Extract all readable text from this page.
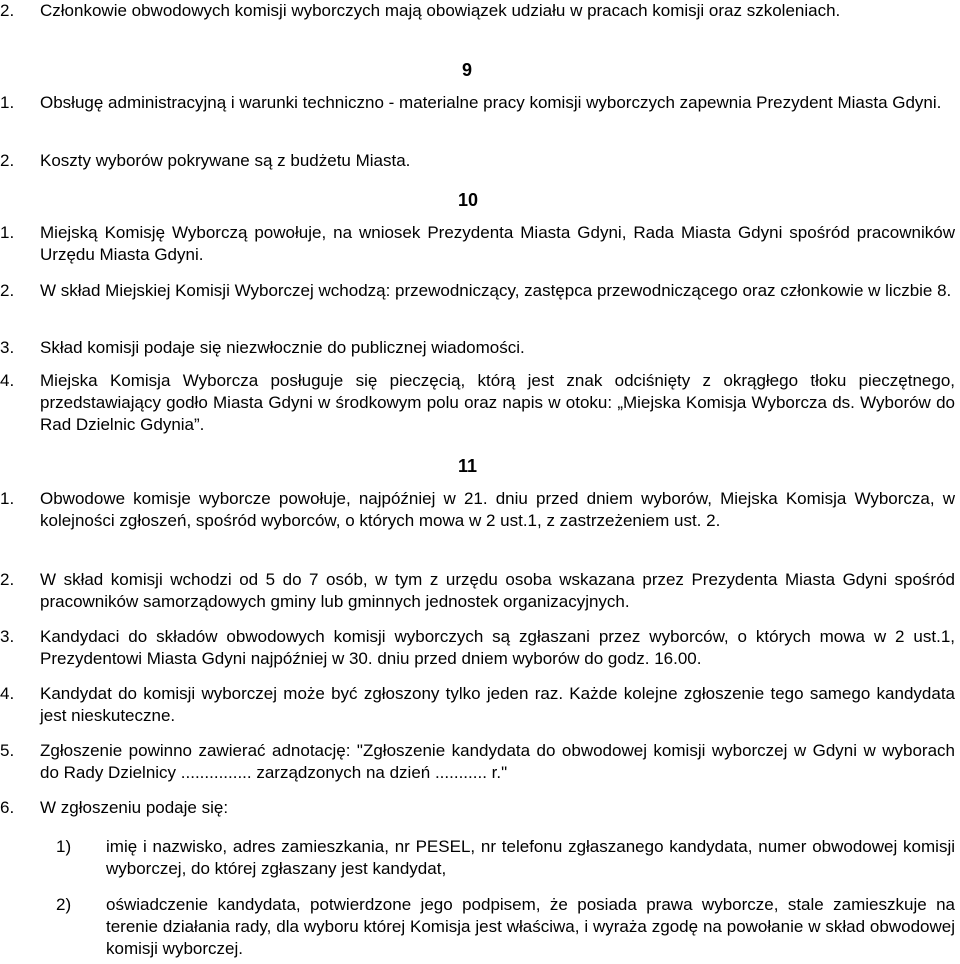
2. Członkowie obwodowych komisji wyborczych mają obowiązek udziału w pracach komisji oraz szkoleniach.
9
1. Obsługę administracyjną i warunki techniczno - materialne pracy komisji wyborczych zapewnia Prezydent Miasta Gdyni.
2. Koszty wyborów pokrywane są z budżetu Miasta.
10
1. Miejską Komisję Wyborczą powołuje, na wniosek Prezydenta Miasta Gdyni, Rada Miasta Gdyni spośród pracowników Urzędu Miasta Gdyni.
2. W skład Miejskiej Komisji Wyborczej wchodzą: przewodniczący, zastępca przewodniczącego oraz członkowie w liczbie 8.
3. Skład komisji podaje się niezwłocznie do publicznej wiadomości.
4. Miejska Komisja Wyborcza posługuje się pieczęcią, którą jest znak odciśnięty z okrągłego tłoku pieczętnego, przedstawiający godło Miasta Gdyni w środkowym polu oraz napis w otoku: „Miejska Komisja Wyborcza ds. Wyborów do Rad Dzielnic Gdynia”.
11
1. Obwodowe komisje wyborcze powołuje, najpóźniej w 21. dniu przed dniem wyborów, Miejska Komisja Wyborcza, w kolejności zgłoszeń, spośród wyborców, o których mowa w 2 ust.1, z zastrzeżeniem ust. 2.
2. W skład komisji wchodzi od 5 do 7 osób, w tym z urzędu osoba wskazana przez Prezydenta Miasta Gdyni spośród pracowników samorządowych gminy lub gminnych jednostek organizacyjnych.
3. Kandydaci do składów obwodowych komisji wyborczych są zgłaszani przez wyborców, o których mowa w 2 ust.1, Prezydentowi Miasta Gdyni najpóźniej w 30. dniu przed dniem wyborów do godz. 16.00.
4. Kandydat do komisji wyborczej może być zgłoszony tylko jeden raz. Każde kolejne zgłoszenie tego samego kandydata jest nieskuteczne.
5. Zgłoszenie powinno zawierać adnotację: "Zgłoszenie kandydata do obwodowej komisji wyborczej w Gdyni w wyborach do Rady Dzielnicy ............... zarządzonych na dzień ........... r."
6. W zgłoszeniu podaje się:
1) imię i nazwisko, adres zamieszkania, nr PESEL, nr telefonu zgłaszanego kandydata, numer obwodowej komisji wyborczej, do której zgłaszany jest kandydat,
2) oświadczenie kandydata, potwierdzone jego podpisem, że posiada prawa wyborcze, stale zamieszkuje na terenie działania rady, dla wyboru której Komisja jest właściwa, i wyraża zgodę na powołanie w skład obwodowej komisji wyborczej.
